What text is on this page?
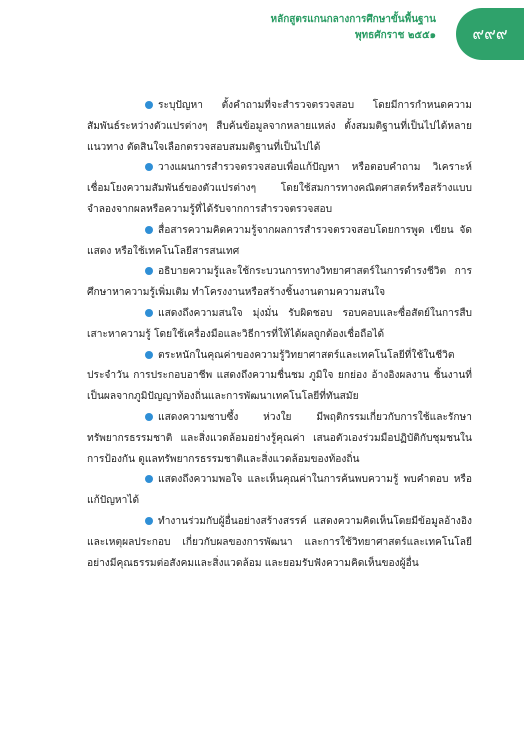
หลักสูตรแกนกลางการศึกษาขั้นพื้นฐาน
พุทธศักราช ๒๕๕๑ ๙๙๙

ระบุปัญหา ตั้งคำถามที่จะสำรวจตรวจสอบ โดยมีการกำหนดความสัมพันธ์ระหว่างตัวแปรต่างๆ สืบค้นข้อมูลจากหลายแหล่ง ตั้งสมมติฐานที่เป็นไปได้หลายแนวทาง ตัดสินใจเลือกตรวจสอบสมมติฐานที่เป็นไปได้

วางแผนการสำรวจตรวจสอบเพื่อแก้ปัญหา หรือตอบคำถาม วิเคราะห์ เชื่อมโยงความสัมพันธ์ของตัวแปรต่างๆ โดยใช้สมการทางคณิตศาสตร์หรือสร้างแบบจำลองจากผลหรือความรู้ที่ได้รับจากการสำรวจตรวจสอบ

สื่อสารความคิดความรู้จากผลการสำรวจตรวจสอบโดยการพูด เขียน จัดแสดง หรือใช้เทคโนโลยีสารสนเทศ

อธิบายความรู้และใช้กระบวนการทางวิทยาศาสตร์ในการดำรงชีวิต การศึกษาหาความรู้เพิ่มเติม ทำโครงงานหรือสร้างชิ้นงานตามความสนใจ

แสดงถึงความสนใจ มุ่งมั่น รับผิดชอบ รอบคอบและซื่อสัตย์ในการสืบเสาะหาความรู้ โดยใช้เครื่องมือและวิธีการที่ให้ได้ผลถูกต้องเชื่อถือได้

ตระหนักในคุณค่าของความรู้วิทยาศาสตร์และเทคโนโลยีที่ใช้ในชีวิตประจำวัน การประกอบอาชีพ แสดงถึงความชื่นชม ภูมิใจ ยกย่อง อ้างอิงผลงาน ชิ้นงานที่เป็นผลจากภูมิปัญญาท้องถิ่นและการพัฒนาเทคโนโลยีที่ทันสมัย

แสดงความซาบซึ้ง ห่วงใย มีพฤติกรรมเกี่ยวกับการใช้และรักษาทรัพยากรธรรมชาติ และสิ่งแวดล้อมอย่างรู้คุณค่า เสนอตัวเองร่วมมือปฏิบัติกับชุมชนในการป้องกัน ดูแลทรัพยากรธรรมชาติและสิ่งแวดล้อมของท้องถิ่น

แสดงถึงความพอใจ และเห็นคุณค่าในการค้นพบความรู้ พบคำตอบ หรือแก้ปัญหาได้

ทำงานร่วมกับผู้อื่นอย่างสร้างสรรค์ แสดงความคิดเห็นโดยมีข้อมูลอ้างอิงและเหตุผลประกอบ เกี่ยวกับผลของการพัฒนา และการใช้วิทยาศาสตร์และเทคโนโลยีอย่างมีคุณธรรมต่อสังคมและสิ่งแวดล้อม และยอมรับฟังความคิดเห็นของผู้อื่น
